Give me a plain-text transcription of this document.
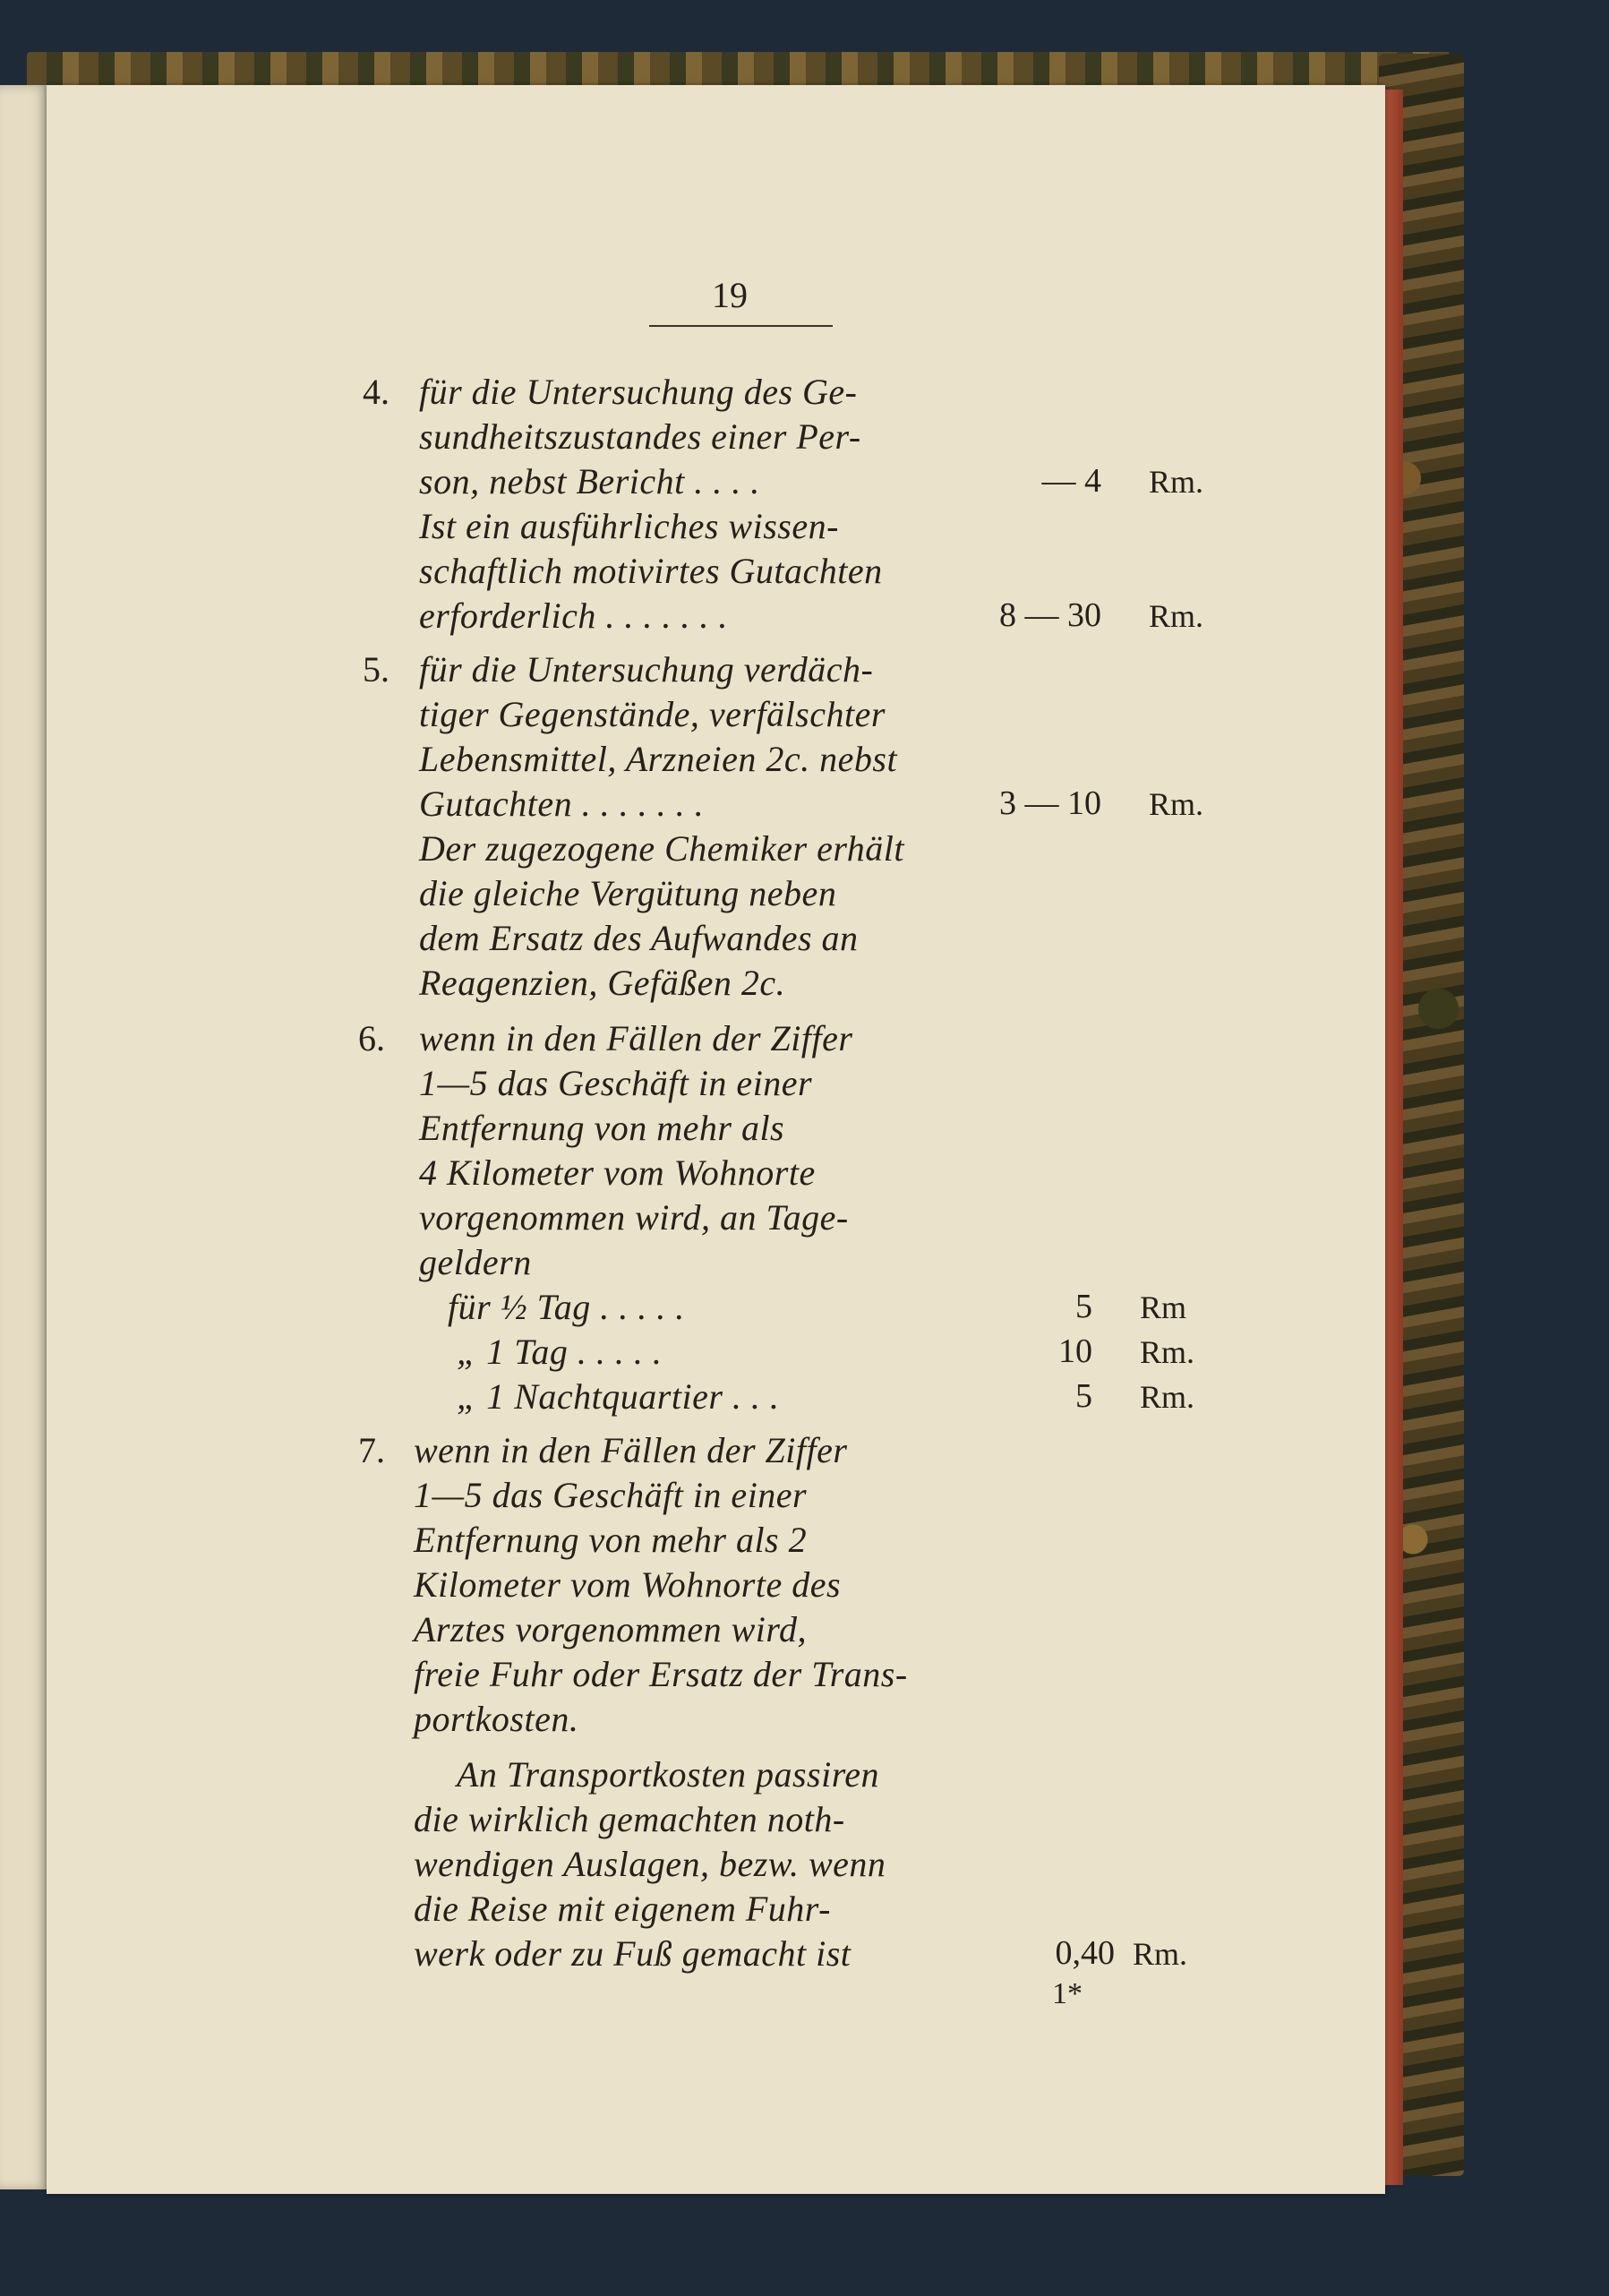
19
4. für die Untersuchung des Ge-
sundheitszustandes einer Per-
son, nebst Bericht . . . .	— 4 Rm.
Ist ein ausführliches wissen-
schaftlich motivirtes Gutachten
erforderlich . . . . . . .	8 — 30 Rm.
5. für die Untersuchung verdäch-
tiger Gegenstände, verfälschter
Lebensmittel, Arzneien 2c. nebst
Gutachten . . . . . . .	3 — 10 Rm.
Der zugezogene Chemiker erhält
die gleiche Vergütung neben
dem Ersatz des Aufwandes an
Reagenzien, Gefäßen 2c.
6. wenn in den Fällen der Ziffer
1—5 das Geschäft in einer
Entfernung von mehr als
4 Kilometer vom Wohnorte
vorgenommen wird, an Tage-
geldern
für ½ Tag . . . . .	5 Rm
„ 1 Tag . . . . .	10 Rm.
„ 1 Nachtquartier . . .	5 Rm.
7. wenn in den Fällen der Ziffer
1—5 das Geschäft in einer
Entfernung von mehr als 2
Kilometer vom Wohnorte des
Arztes vorgenommen wird,
freie Fuhr oder Ersatz der Trans-
portkosten.
An Transportkosten passiren
die wirklich gemachten noth-
wendigen Auslagen, bezw. wenn
die Reise mit eigenem Fuhr-
werk oder zu Fuß gemacht ist	0,40 Rm.
1*
